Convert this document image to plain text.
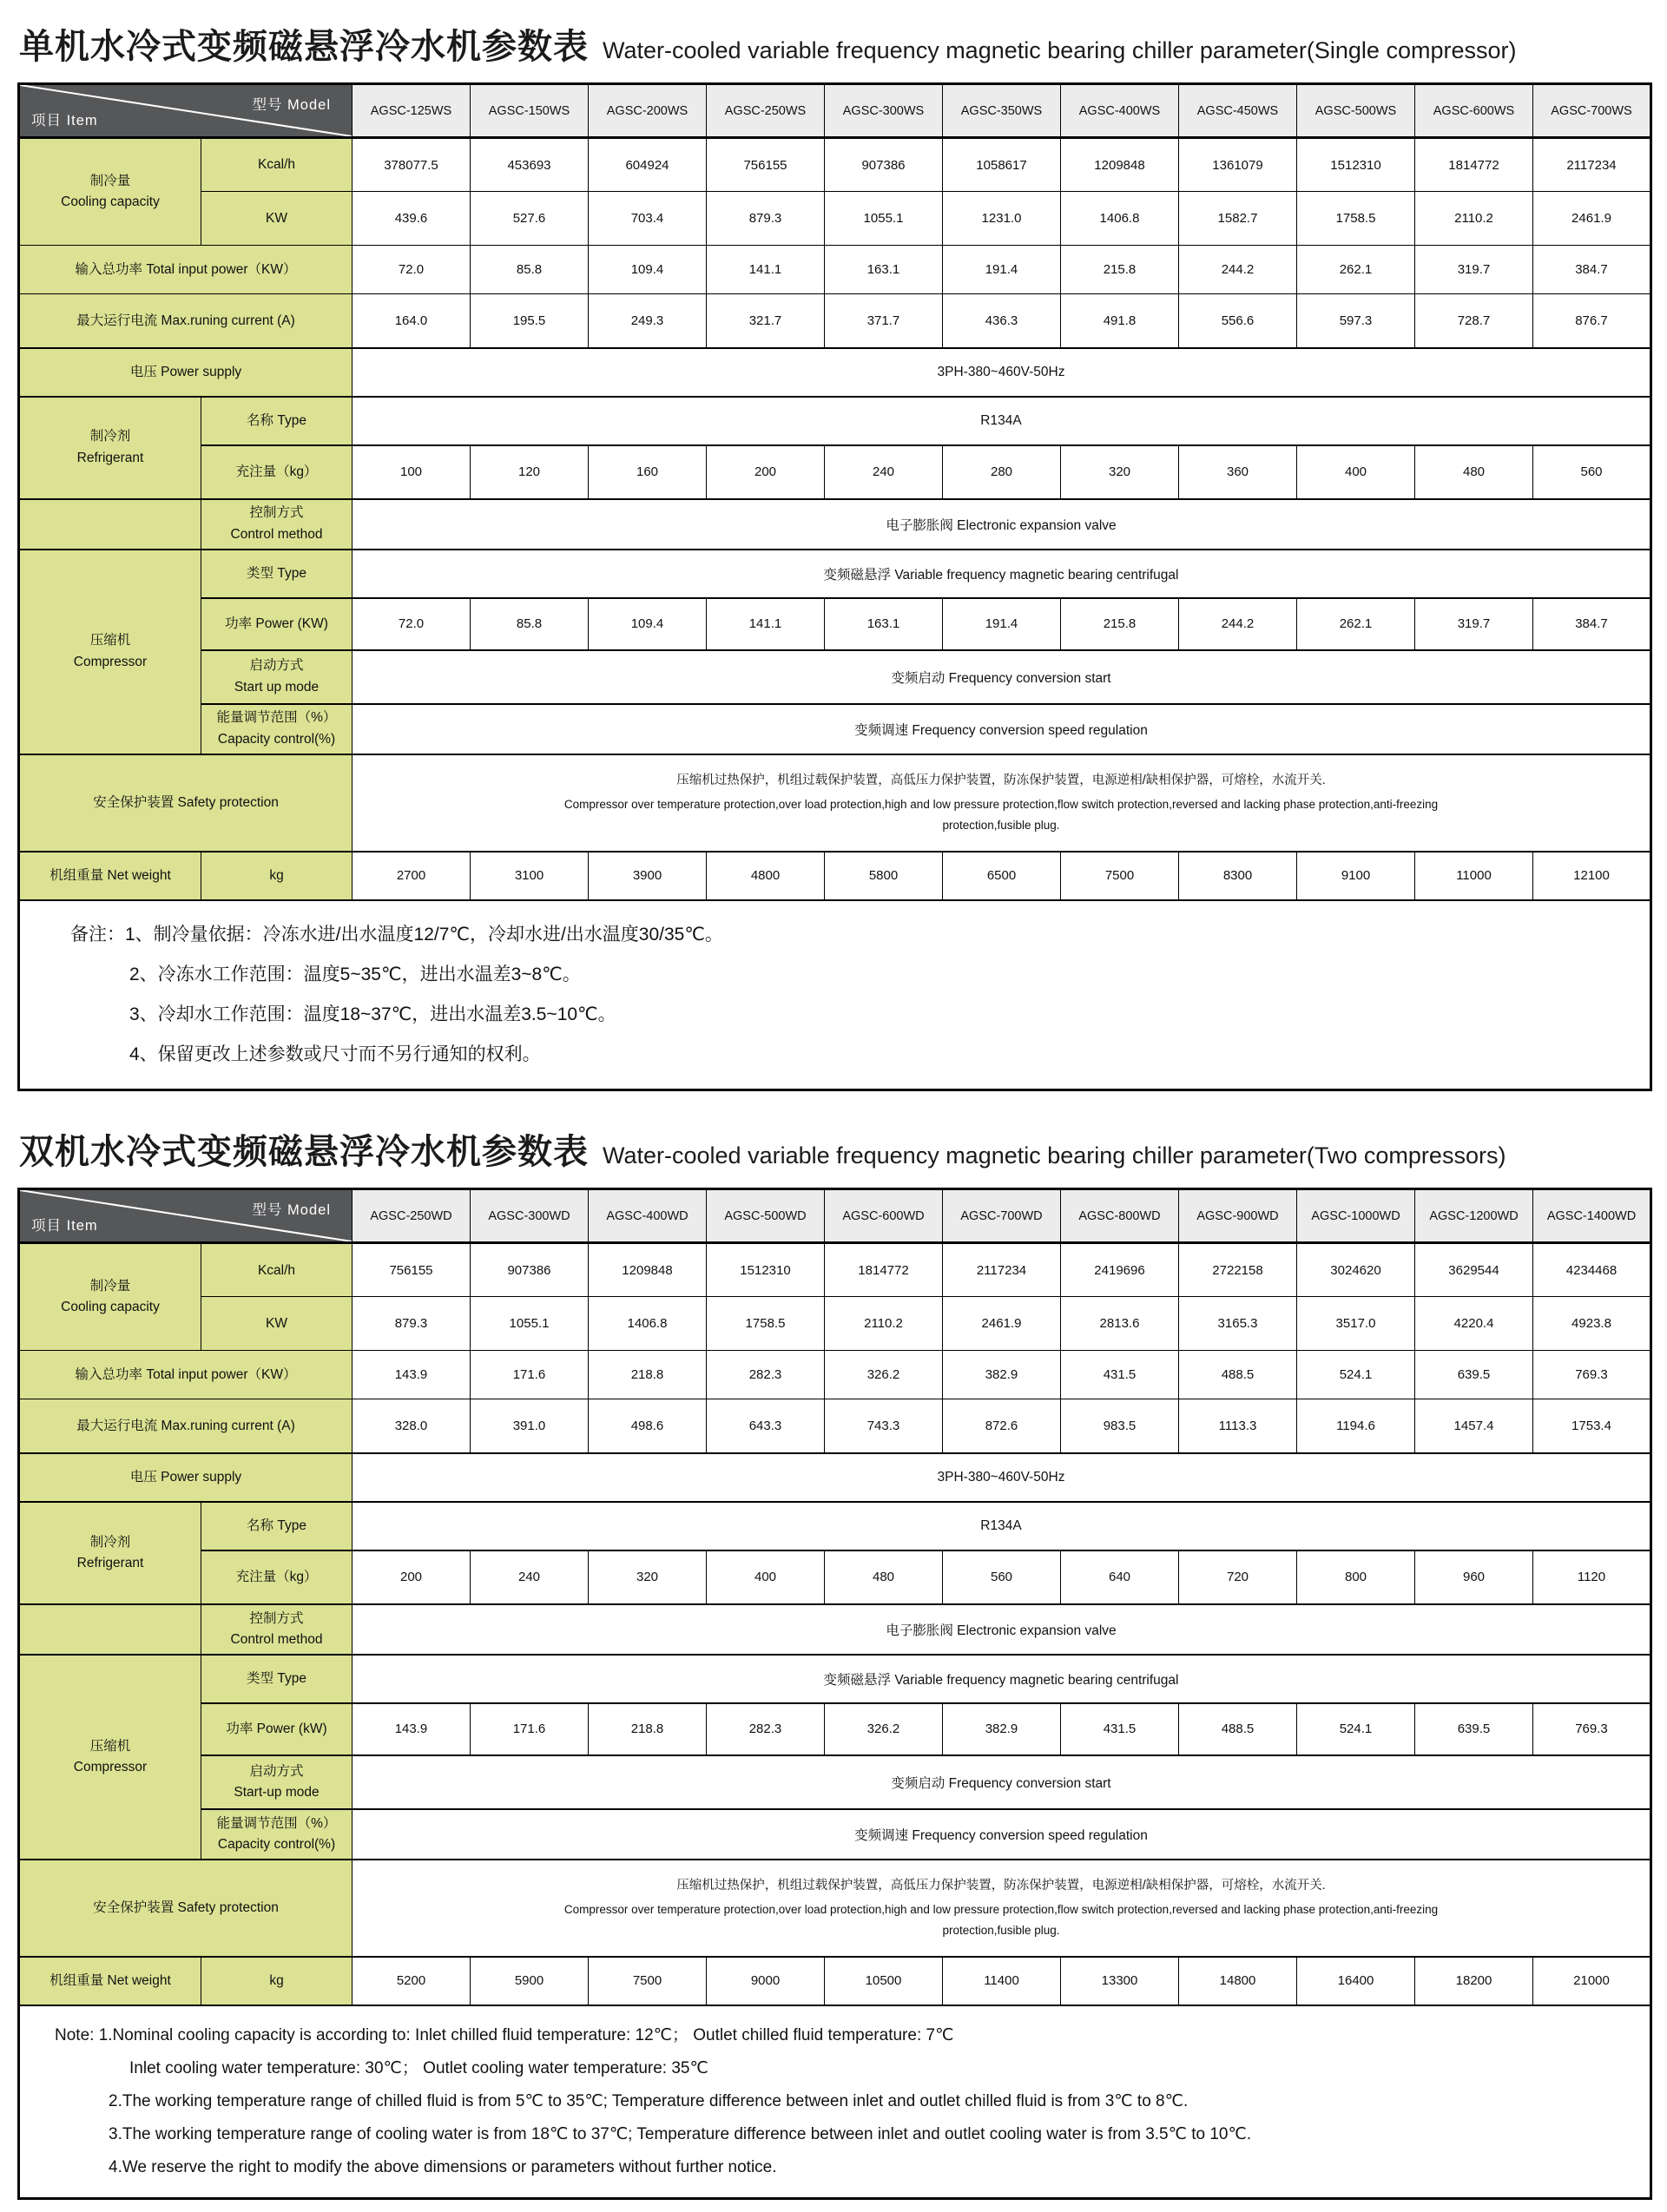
单机水冷式变频磁悬浮冷水机参数表 Water-cooled variable frequency magnetic bearing chiller parameter(Single compressor)
型号 Model
项目 Item		AGSC-125WS	AGSC-150WS	AGSC-200WS	AGSC-250WS	AGSC-300WS	AGSC-350WS	AGSC-400WS	AGSC-450WS	AGSC-500WS	AGSC-600WS	AGSC-700WS

制冷量
Cooling capacity	Kcal/h	378077.5	453693	604924	756155	907386	1058617	1209848	1361079	1512310	1814772	2117234
	KW	439.6	527.6	703.4	879.3	1055.1	1231.0	1406.8	1582.7	1758.5	2110.2	2461.9
输入总功率 Total input power（KW）		72.0	85.8	109.4	141.1	163.1	191.4	215.8	244.2	262.1	319.7	384.7
最大运行电流 Max.runing current (A)		164.0	195.5	249.3	321.7	371.7	436.3	491.8	556.6	597.3	728.7	876.7
电压 Power supply		3PH-380~460V-50Hz										

制冷剂
Refrigerant	名称 Type	R134A										
	充注量（kg）	100	120	160	200	240	280	320	360	400	480	560

	控制方式
Control method	电子膨胀阀 Electronic expansion valve										

压缩机
Compressor	类型 Type	变频磁悬浮 Variable frequency magnetic bearing centrifugal										
	功率 Power (KW)	72.0	85.8	109.4	141.1	163.1	191.4	215.8	244.2	262.1	319.7	384.7

	启动方式
Start up mode	变频启动 Frequency conversion start										

	能量调节范围（%）
Capacity control(%)	变频调速 Frequency conversion speed regulation										
安全保护装置 Safety protection		压缩机过热保护，机组过载保护装置，高低压力保护装置，防冻保护装置，电源逆相/缺相保护器，可熔栓，水流开关.
Compressor over temperature protection,over load protection,high and low pressure protection,flow switch protection,reversed and lacking phase protection,anti-freezing
protection,fusible plug.										

机组重量 Net weight	kg	2700	3100	3900	4800	5800	6500	7500	8300	9100	11000	12100

备注：1、制冷量依据：冷冻水进/出水温度12/7℃，冷却水进/出水温度30/35℃。
2、冷冻水工作范围：温度5~35℃，进出水温差3~8℃。
3、冷却水工作范围：温度18~37℃，进出水温差3.5~10℃。
4、保留更改上述参数或尺寸而不另行通知的权利。												
双机水冷式变频磁悬浮冷水机参数表 Water-cooled variable frequency magnetic bearing chiller parameter(Two compressors)
型号 Model
项目 Item		AGSC-250WD	AGSC-300WD	AGSC-400WD	AGSC-500WD	AGSC-600WD	AGSC-700WD	AGSC-800WD	AGSC-900WD	AGSC-1000WD	AGSC-1200WD	AGSC-1400WD

制冷量
Cooling capacity	Kcal/h	756155	907386	1209848	1512310	1814772	2117234	2419696	2722158	3024620	3629544	4234468
	KW	879.3	1055.1	1406.8	1758.5	2110.2	2461.9	2813.6	3165.3	3517.0	4220.4	4923.8
输入总功率 Total input power（KW）		143.9	171.6	218.8	282.3	326.2	382.9	431.5	488.5	524.1	639.5	769.3
最大运行电流 Max.runing current (A)		328.0	391.0	498.6	643.3	743.3	872.6	983.5	1113.3	1194.6	1457.4	1753.4
电压 Power supply		3PH-380~460V-50Hz										

制冷剂
Refrigerant	名称 Type	R134A										
	充注量（kg）	200	240	320	400	480	560	640	720	800	960	1120

	控制方式
Control method	电子膨胀阀 Electronic expansion valve										

压缩机
Compressor	类型 Type	变频磁悬浮 Variable frequency magnetic bearing centrifugal										
	功率 Power (kW)	143.9	171.6	218.8	282.3	326.2	382.9	431.5	488.5	524.1	639.5	769.3

	启动方式
Start-up mode	变频启动 Frequency conversion start										

	能量调节范围（%）
Capacity control(%)	变频调速 Frequency conversion speed regulation										
安全保护装置 Safety protection		压缩机过热保护，机组过载保护装置，高低压力保护装置，防冻保护装置，电源逆相/缺相保护器，可熔栓，水流开关.
Compressor over temperature protection,over load protection,high and low pressure protection,flow switch protection,reversed and lacking phase protection,anti-freezing
protection,fusible plug.										

机组重量 Net weight	kg	5200	5900	7500	9000	10500	11400	13300	14800	16400	18200	21000

Note: 1.Nominal cooling capacity is according to: Inlet chilled fluid temperature: 12℃； Outlet chilled fluid temperature: 7℃
Inlet cooling water temperature: 30℃； Outlet cooling water temperature: 35℃
2.The working temperature range of chilled fluid is from 5℃ to 35℃; Temperature difference between inlet and outlet chilled fluid is from 3℃ to 8℃.
3.The working temperature range of cooling water is from 18℃ to 37℃; Temperature difference between inlet and outlet cooling water is from 3.5℃ to 10℃.
4.We reserve the right to modify the above dimensions or parameters without further notice.												
